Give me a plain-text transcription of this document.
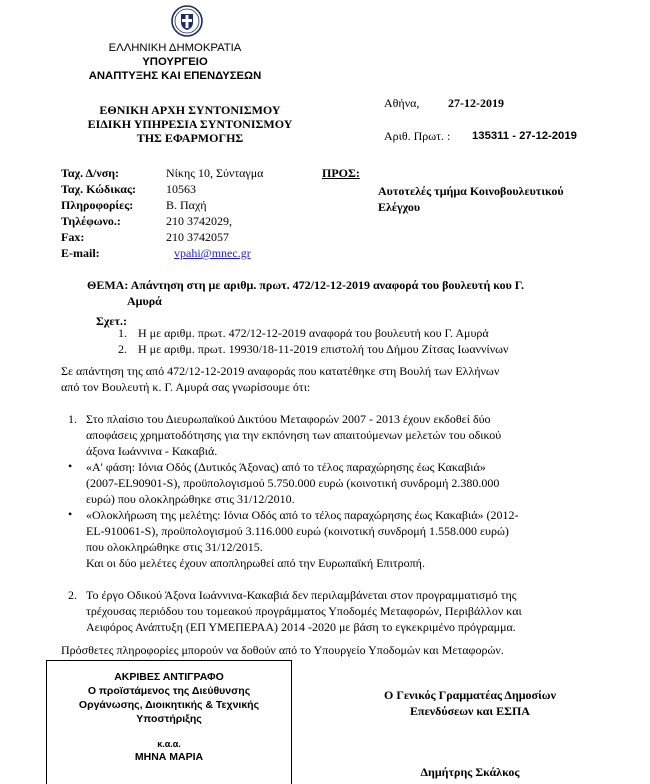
ΕΛΛΗΝΙΚΗ ΔΗΜΟΚΡΑΤΙΑ
ΥΠΟΥΡΓΕΙΟ
ΑΝΑΠΤΥΞΗΣ ΚΑΙ ΕΠΕΝΔΥΣΕΩΝ
ΕΘΝΙΚΗ ΑΡΧΗ ΣΥΝΤΟΝΙΣΜΟΥ
ΕΙΔΙΚΗ ΥΠΗΡΕΣΙΑ ΣΥΝΤΟΝΙΣΜΟΥ
ΤΗΣ ΕΦΑΡΜΟΓΗΣ
Αθήνα, 27-12-2019
Αριθ. Πρωτ. : 135311 - 27-12-2019
Ταχ. Δ/νση:	Νίκης 10, Σύνταγμα
Ταχ. Κώδικας: 10563
Πληροφορίες:	Β. Παχή
Τηλέφωνο.:	210 3742029,
Fax:	210 3742057
E-mail:	vpahi@mnec.gr
ΠΡΟΣ:
Αυτοτελές τμήμα Κοινοβουλευτικού
Ελέγχου
ΘΕΜΑ: Απάντηση στη με αριθμ. πρωτ. 472/12-12-2019 αναφορά του βουλευτή κου Γ.
Αμυρά
Σχετ.:
1. Η με αριθμ. πρωτ. 472/12-12-2019 αναφορά του βουλευτή κου Γ. Αμυρά
2. Η με αριθμ. πρωτ. 19930/18-11-2019 επιστολή του Δήμου Ζίτσας Ιωαννίνων
Σε απάντηση της από 472/12-12-2019 αναφοράς που κατατέθηκε στη Βουλή των Ελλήνων
από τον Βουλευτή κ. Γ. Αμυρά σας γνωρίσουμε ότι:
1. Στο πλαίσιο του Διευρωπαϊκού Δικτύου Μεταφορών 2007 - 2013 έχουν εκδοθεί δύο
αποφάσεις χρηματοδότησης για την εκπόνηση των απαιτούμενων μελετών του οδικού
άξονα Ιωάννινα - Κακαβιά.
• «Α' φάση: Ιόνια Οδός (Δυτικός Άξονας) από το τέλος παραχώρησης έως Κακαβιά»
(2007-EL90901-S), προϋπολογισμού 5.750.000 ευρώ (κοινοτική συνδρομή 2.380.000
ευρώ) που ολοκληρώθηκε στις 31/12/2010.
• «Ολοκλήρωση της μελέτης: Ιόνια Οδός από το τέλος παραχώρησης έως Κακαβιά» (2012-
EL-910061-S), προϋπολογισμού 3.116.000 ευρώ (κοινοτική συνδρομή 1.558.000 ευρώ)
που ολοκληρώθηκε στις 31/12/2015.
Και οι δύο μελέτες έχουν αποπληρωθεί από την Ευρωπαϊκή Επιτροπή.
2. Το έργο Οδικού Άξονα Ιωάννινα-Κακαβιά δεν περιλαμβάνεται στον προγραμματισμό της
τρέχουσας περιόδου του τομεακού προγράμματος Υποδομές Μεταφορών, Περιβάλλον και
Αειφόρος Ανάπτυξη (ΕΠ ΥΜΕΠΕΡΑΑ) 2014 -2020 με βάση το εγκεκριμένο πρόγραμμα.
Πρόσθετες πληροφορίες μπορούν να δοθούν από το Υπουργείο Υποδομών και Μεταφορών.
ΑΚΡΙΒΕΣ ΑΝΤΙΓΡΑΦΟ
Ο προϊστάμενος της Διεύθυνσης
Οργάνωσης, Διοικητικής & Τεχνικής
Υποστήριξης
κ.α.α.
ΜΗΝΑ ΜΑΡΙΑ
Ο Γενικός Γραμματέας Δημοσίων
Επενδύσεων και ΕΣΠΑ
Δημήτρης Σκάλκος
